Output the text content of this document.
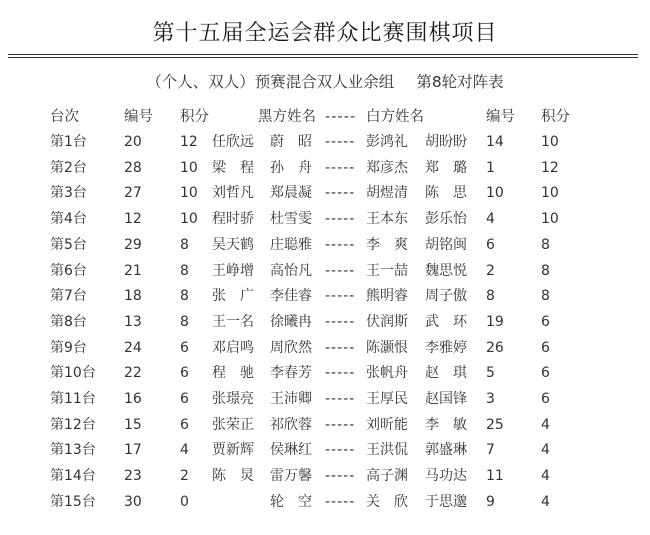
第十五届全运会群众比赛围棋项目
（个人、双人）预赛混合双人业余组 第8轮对阵表
台次	编号 积分	黑方姓名 ----- 白方姓名	编号 积分
第1台	20	12 任欣远 蔚　昭 ----- 彭鸿礼 胡盼盼 14	10
第2台	28	10 梁　程 孙　舟 ----- 郑彦杰 郑　璐 1	12
第3台	27	10 刘哲凡 郑晨凝 ----- 胡煜清 陈　思 10	10
第4台	12	10 程时骄 杜雪雯 ----- 王本东 彭乐怡 4	10
第5台	29	8 吴天鹤 庄聪雅 ----- 李　爽 胡铭闽 6	8
第6台	21	8 王峥增 高怡凡 ----- 王一喆 魏思悦 2	8
第7台	18	8 张　广 李佳睿 ----- 熊明睿 周子傲 8	8
第8台	13	8 王一名 徐曦冉 ----- 伏润斯 武　环 19	6
第9台	24	6 邓启鸣 周欣然 ----- 陈灏恨 李雅婷 26	6
第10台 22	6 程　驰 李春芳 ----- 张帆舟 赵　琪 5	6
第11台 16	6 张璟亮 王沛卿 ----- 王厚民 赵国锋 3	6
第12台 15	6 张荣正 祁欣蓉 ----- 刘昕能 李　敏 25	4
第13台 17	4 贾新辉 侯琳红 ----- 王洪侃 郭盛琳 7	4
第14台 23	2 陈　炅 雷万馨 ----- 高子渊 马功达 11	4
第15台 30	0	轮　空 ----- 关　欣 于思邈 9	4
